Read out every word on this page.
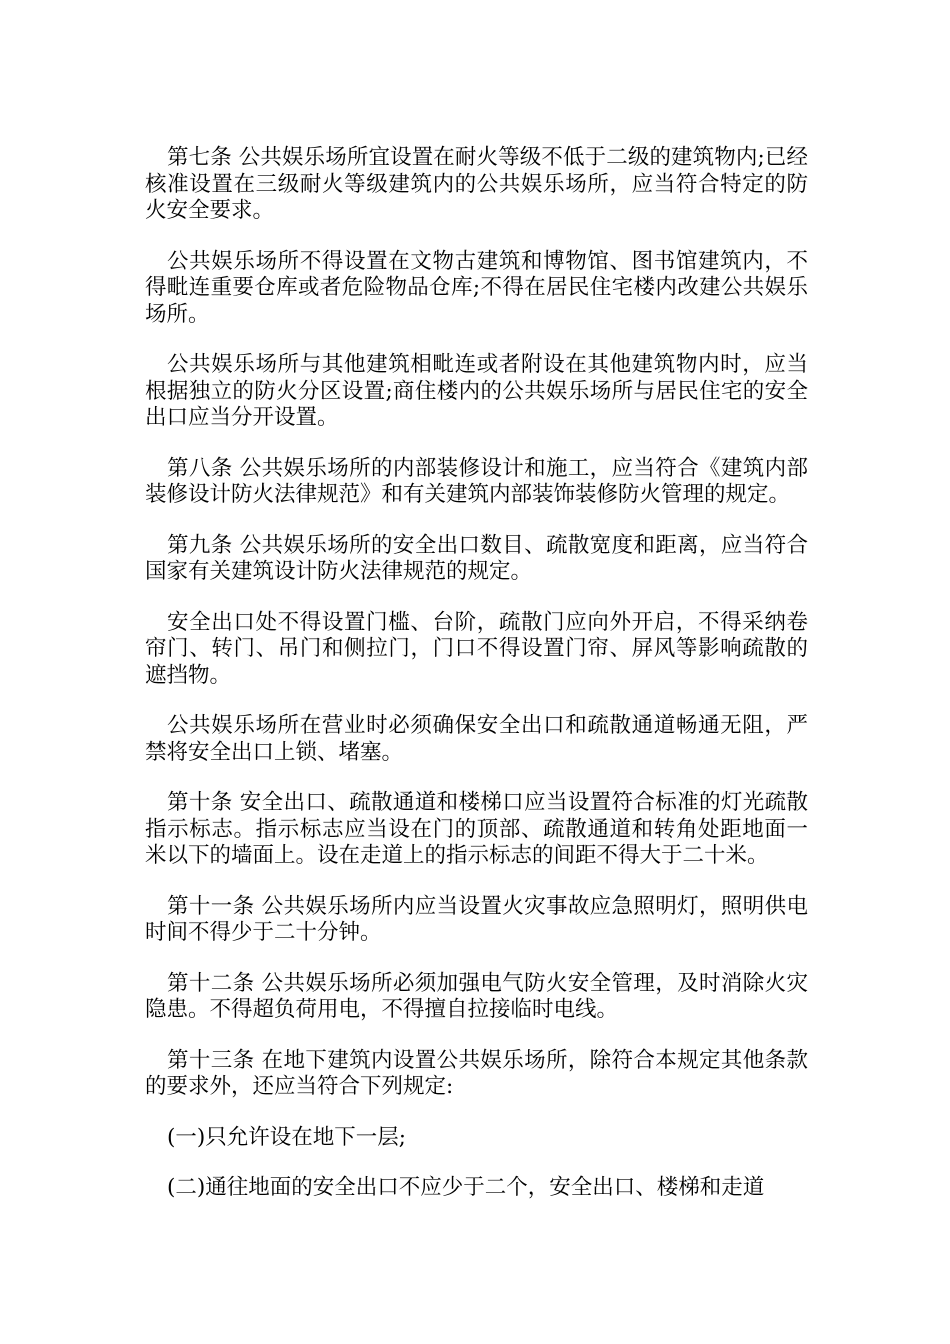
第七条 公共娱乐场所宜设置在耐火等级不低于二级的建筑物内;已经核准设置在三级耐火等级建筑内的公共娱乐场所，应当符合特定的防火安全要求。

公共娱乐场所不得设置在文物古建筑和博物馆、图书馆建筑内，不得毗连重要仓库或者危险物品仓库;不得在居民住宅楼内改建公共娱乐场所。

公共娱乐场所与其他建筑相毗连或者附设在其他建筑物内时，应当根据独立的防火分区设置;商住楼内的公共娱乐场所与居民住宅的安全出口应当分开设置。

第八条 公共娱乐场所的内部装修设计和施工，应当符合《建筑内部装修设计防火法律规范》和有关建筑内部装饰装修防火管理的规定。

第九条 公共娱乐场所的安全出口数目、疏散宽度和距离，应当符合国家有关建筑设计防火法律规范的规定。

安全出口处不得设置门槛、台阶，疏散门应向外开启，不得采纳卷帘门、转门、吊门和侧拉门，门口不得设置门帘、屏风等影响疏散的遮挡物。

公共娱乐场所在营业时必须确保安全出口和疏散通道畅通无阻，严禁将安全出口上锁、堵塞。

第十条 安全出口、疏散通道和楼梯口应当设置符合标准的灯光疏散指示标志。指示标志应当设在门的顶部、疏散通道和转角处距地面一米以下的墙面上。设在走道上的指示标志的间距不得大于二十米。

第十一条 公共娱乐场所内应当设置火灾事故应急照明灯，照明供电时间不得少于二十分钟。

第十二条 公共娱乐场所必须加强电气防火安全管理，及时消除火灾隐患。不得超负荷用电，不得擅自拉接临时电线。

第十三条 在地下建筑内设置公共娱乐场所，除符合本规定其他条款的要求外，还应当符合下列规定:

(一)只允许设在地下一层;

(二)通往地面的安全出口不应少于二个，安全出口、楼梯和走道
